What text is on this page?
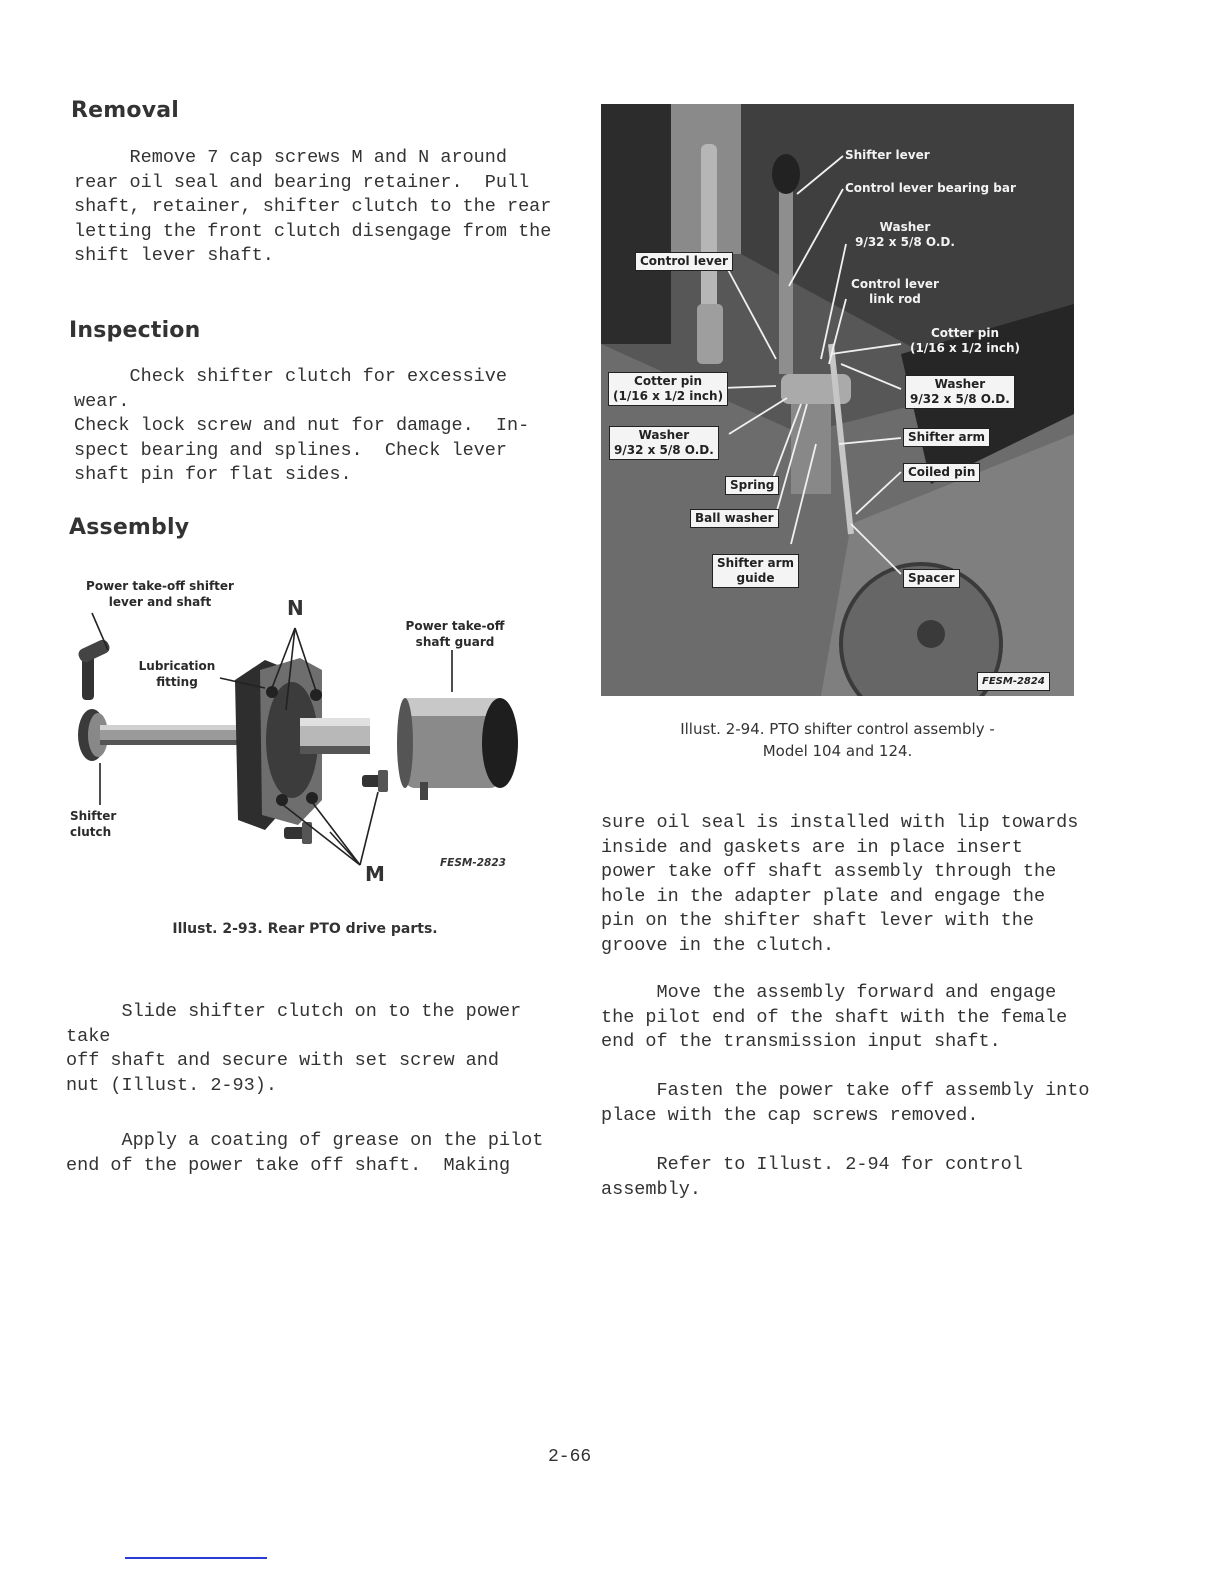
Removal
Remove 7 cap screws M and N around
rear oil seal and bearing retainer.  Pull
shaft, retainer, shifter clutch to the rear
letting the front clutch disengage from the
shift lever shaft.
Inspection
Check shifter clutch for excessive wear.
Check lock screw and nut for damage.  In-
spect bearing and splines.  Check lever
shaft pin for flat sides.
Assembly
Power take-off shifter
lever and shaft	N
Power take-off
shaft guard
Lubrication
fitting
Shifter
clutch
M	FESM-2823
Illust. 2-93. Rear PTO drive parts.
Slide shifter clutch on to the power take
off shaft and secure with set screw and
nut (Illust. 2-93).
Apply a coating of grease on the pilot
end of the power take off shaft.  Making
Shifter lever
Control lever bearing bar
Washer
9/32 x 5/8 O.D.
Control lever
Control lever
link rod
Cotter pin
(1/16 x 1/2 inch)
Cotter pin
(1/16 x 1/2 inch)
Washer
9/32 x 5/8 O.D.
Washer
9/32 x 5/8 O.D.
Shifter arm
Coiled pin
Spring
Ball washer
Shifter arm
guide	Spacer
FESM-2824
Illust. 2-94. PTO shifter control assembly -
Model 104 and 124.
sure oil seal is installed with lip towards
inside and gaskets are in place insert
power take off shaft assembly through the
hole in the adapter plate and engage the
pin on the shifter shaft lever with the
groove in the clutch.
Move the assembly forward and engage
the pilot end of the shaft with the female
end of the transmission input shaft.
Fasten the power take off assembly into
place with the cap screws removed.
Refer to Illust. 2-94 for control assembly.
2-66
